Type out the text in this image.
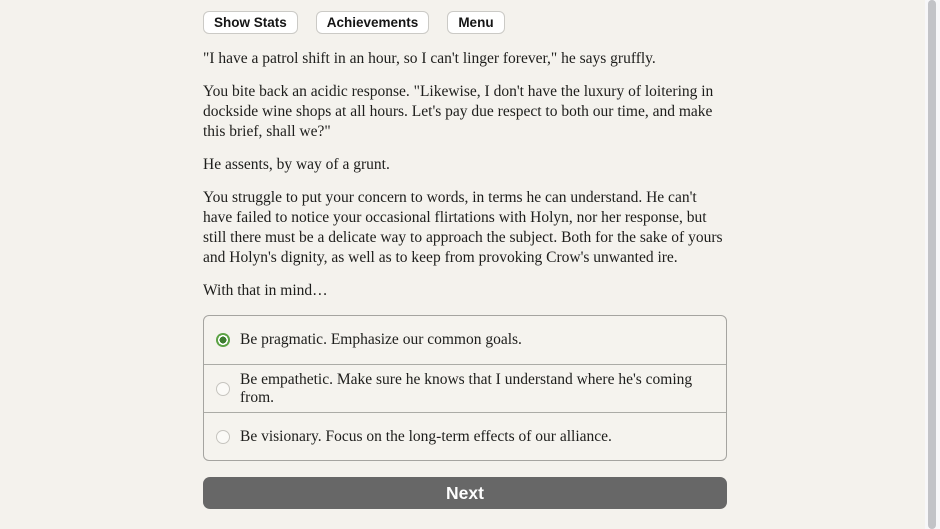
Show Stats	Achievements	Menu

"I have a patrol shift in an hour, so I can't linger forever," he says gruffly.

You bite back an acidic response. "Likewise, I don't have the luxury of loitering in dockside wine shops at all hours. Let's pay due respect to both our time, and make this brief, shall we?"

He assents, by way of a grunt.

You struggle to put your concern to words, in terms he can understand. He can't have failed to notice your occasional flirtations with Holyn, nor her response, but still there must be a delicate way to approach the subject. Both for the sake of yours and Holyn's dignity, as well as to keep from provoking Crow's unwanted ire.

With that in mind…

Be pragmatic. Emphasize our common goals.
Be empathetic. Make sure he knows that I understand where he's coming from.
Be visionary. Focus on the long-term effects of our alliance.
Next
